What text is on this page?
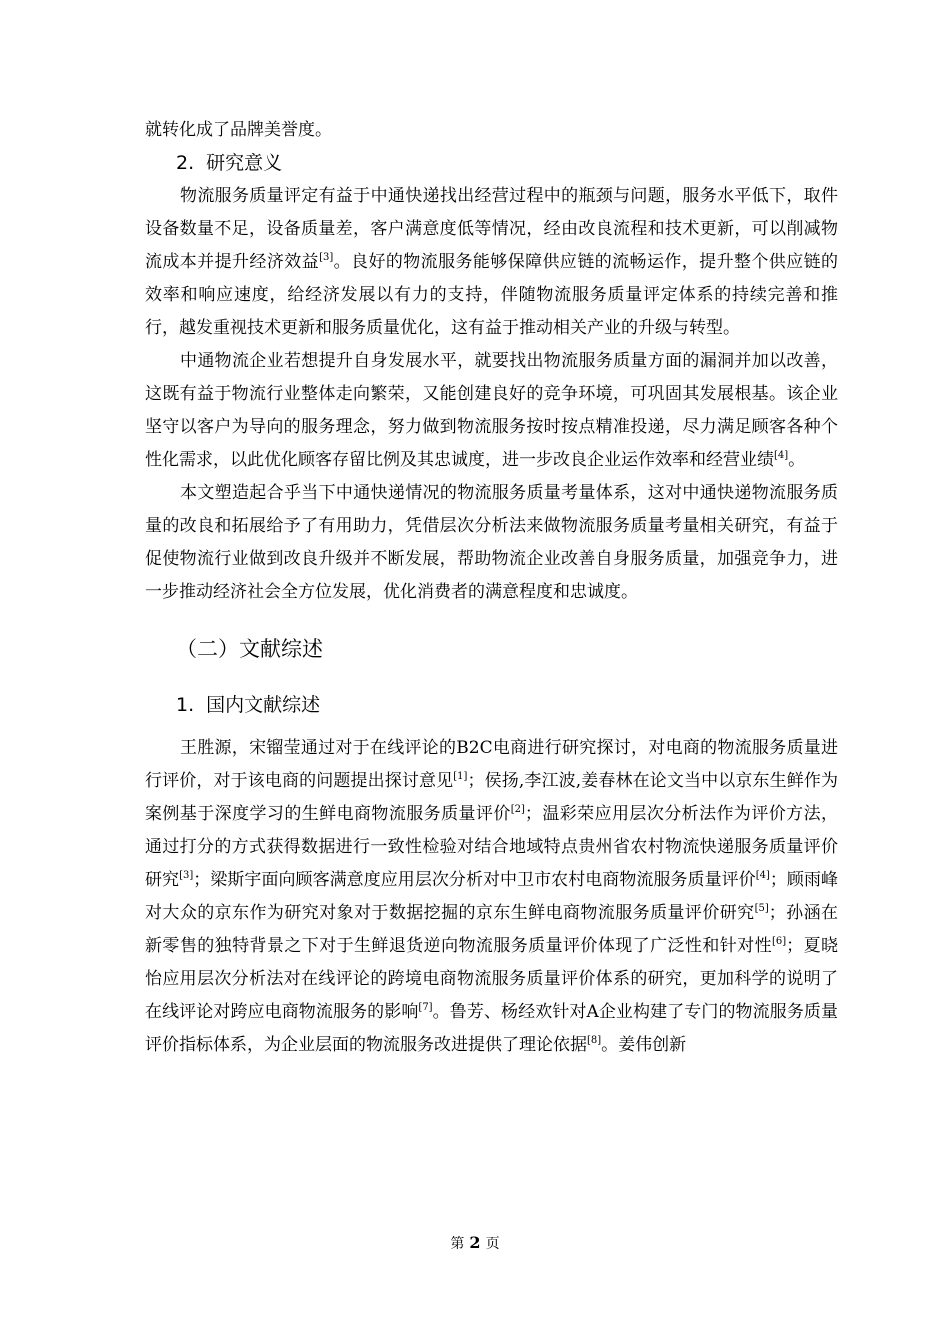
就转化成了品牌美誉度。

2. 研究意义

物流服务质量评定有益于中通快递找出经营过程中的瓶颈与问题，服务水平低下，取件设备数量不足，设备质量差，客户满意度低等情况，经由改良流程和技术更新，可以削减物流成本并提升经济效益[3]。良好的物流服务能够保障供应链的流畅运作，提升整个供应链的效率和响应速度，给经济发展以有力的支持，伴随物流服务质量评定体系的持续完善和推行，越发重视技术更新和服务质量优化，这有益于推动相关产业的升级与转型。

中通物流企业若想提升自身发展水平，就要找出物流服务质量方面的漏洞并加以改善，这既有益于物流行业整体走向繁荣，又能创建良好的竞争环境，可巩固其发展根基。该企业坚守以客户为导向的服务理念，努力做到物流服务按时按点精准投递，尽力满足顾客各种个性化需求，以此优化顾客存留比例及其忠诚度，进一步改良企业运作效率和经营业绩[4]。

本文塑造起合乎当下中通快递情况的物流服务质量考量体系，这对中通快递物流服务质量的改良和拓展给予了有用助力，凭借层次分析法来做物流服务质量考量相关研究，有益于促使物流行业做到改良升级并不断发展，帮助物流企业改善自身服务质量，加强竞争力，进一步推动经济社会全方位发展，优化消费者的满意程度和忠诚度。

（二）文献综述
1. 国内文献综述

王胜源，宋镏莹通过对于在线评论的B2C电商进行研究探讨，对电商的物流服务质量进行评价，对于该电商的问题提出探讨意见[1]；侯扬,李江波,姜春林在论文当中以京东生鲜作为案例基于深度学习的生鲜电商物流服务质量评价[2]；温彩荣应用层次分析法作为评价方法，通过打分的方式获得数据进行一致性检验对结合地域特点贵州省农村物流快递服务质量评价研究[3]；梁斯宇面向顾客满意度应用层次分析对中卫市农村电商物流服务质量评价[4]；顾雨峰对大众的京东作为研究对象对于数据挖掘的京东生鲜电商物流服务质量评价研究[5]；孙涵在新零售的独特背景之下对于生鲜退货逆向物流服务质量评价体现了广泛性和针对性[6]；夏晓怡应用层次分析法对在线评论的跨境电商物流服务质量评价体系的研究，更加科学的说明了在线评论对跨应电商物流服务的影响[7]。鲁芳、杨经欢针对A企业构建了专门的物流服务质量评价指标体系，为企业层面的物流服务改进提供了理论依据[8]。姜伟创新

第 2 页
